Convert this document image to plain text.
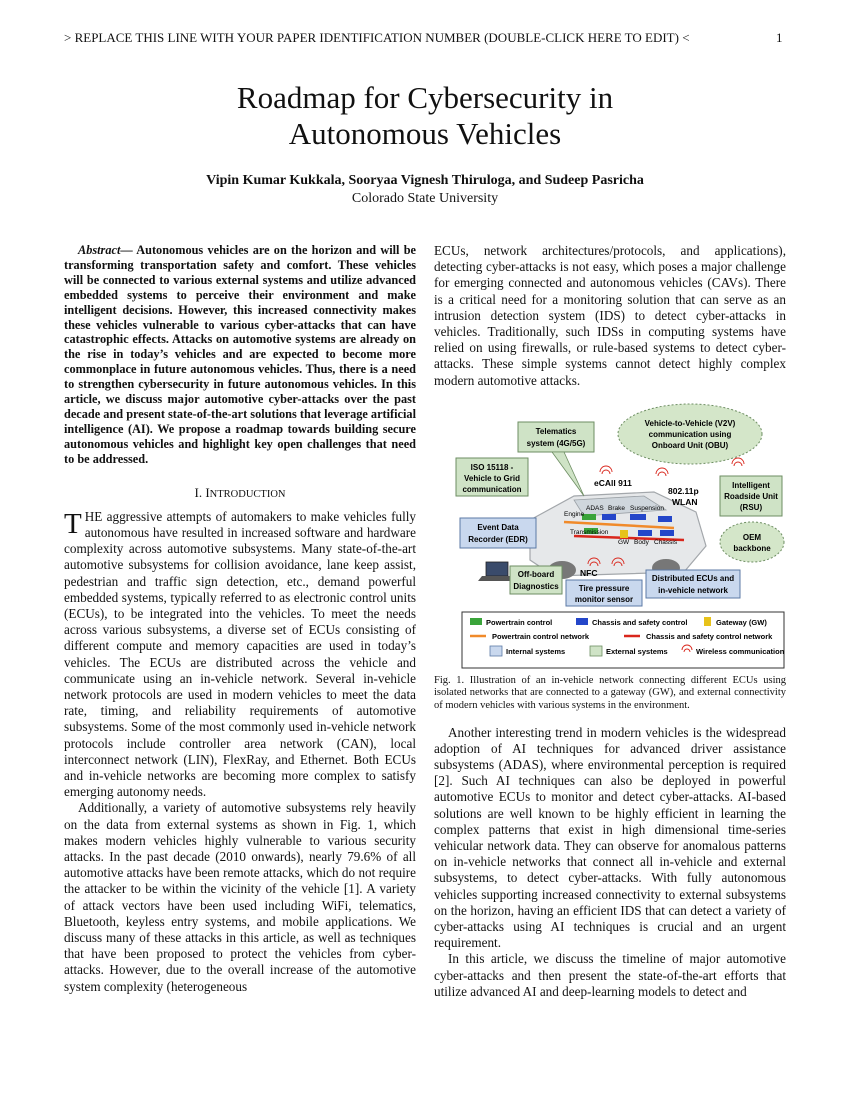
> REPLACE THIS LINE WITH YOUR PAPER IDENTIFICATION NUMBER (DOUBLE-CLICK HERE TO EDIT) <	1
Roadmap for Cybersecurity in
Autonomous Vehicles
Vipin Kumar Kukkala, Sooryaa Vignesh Thiruloga, and Sudeep Pasricha
Colorado State University

Abstract— Autonomous vehicles are on the horizon and will be transforming transportation safety and comfort. These vehicles will be connected to various external systems and utilize advanced embedded systems to perceive their environment and make intelligent decisions. However, this increased connectivity makes these vehicles vulnerable to various cyber-attacks that can have catastrophic effects. Attacks on automotive systems are already on the rise in today’s vehicles and are expected to become more commonplace in future autonomous vehicles. Thus, there is a need to strengthen cybersecurity in future autonomous vehicles. In this article, we discuss major automotive cyber-attacks over the past decade and present state-of-the-art solutions that leverage artificial intelligence (AI). We propose a roadmap towards building secure autonomous vehicles and highlight key open challenges that need to be addressed.

I. INTRODUCTION

THE aggressive attempts of automakers to make vehicles fully autonomous have resulted in increased software and hardware complexity across automotive subsystems. Many state-of-the-art automotive subsystems for collision avoidance, lane keep assist, pedestrian and traffic sign detection, etc., demand powerful embedded systems, typically referred to as electronic control units (ECUs), to be integrated into the vehicles. To meet the needs across various subsystems, a diverse set of ECUs consisting of different compute and memory capacities are used in today’s vehicles. The ECUs are distributed across the vehicle and communicate using an in-vehicle network. Several in-vehicle network protocols are used in modern vehicles to meet the data rate, timing, and reliability requirements of automotive subsystems. Some of the most commonly used in-vehicle network protocols include controller area network (CAN), local interconnect network (LIN), FlexRay, and Ethernet. Both ECUs and in-vehicle networks are becoming more complex to satisfy emerging autonomy needs.

Additionally, a variety of automotive subsystems rely heavily on the data from external systems as shown in Fig. 1, which makes modern vehicles highly vulnerable to various security attacks. In the past decade (2010 onwards), nearly 79.6% of all automotive attacks have been remote attacks, which do not require the attacker to be within the vicinity of the vehicle [1]. A variety of attack vectors have been used including WiFi, telematics, Bluetooth, keyless entry systems, and mobile applications. We discuss many of these attacks in this article, as well as techniques that have been proposed to protect the vehicles from cyber-attacks. However, due to the overall increase of the automotive system complexity (heterogeneous

ECUs, network architectures/protocols, and applications), detecting cyber-attacks is not easy, which poses a major challenge for emerging connected and autonomous vehicles (CAVs). There is a critical need for a monitoring solution that can serve as an intrusion detection system (IDS) to detect cyber-attacks in vehicles. Traditionally, such IDSs in computing systems have relied on using firewalls, or rule-based systems to detect cyber-attacks. These simple systems cannot detect highly complex modern automotive attacks.

Fig. 1. Illustration of an in-vehicle network connecting different ECUs using isolated networks that are connected to a gateway (GW), and external connectivity of modern vehicles with various systems in the environment.

Another interesting trend in modern vehicles is the widespread adoption of AI techniques for advanced driver assistance subsystems (ADAS), where environmental perception is required [2]. Such AI techniques can also be deployed in powerful automotive ECUs to monitor and detect cyber-attacks. AI-based solutions are well known to be highly efficient in learning the complex patterns that exist in high dimensional time-series vehicular network data. They can observe for anomalous patterns on in-vehicle networks that connect all in-vehicle and external subsystems, to detect cyber-attacks. With fully autonomous vehicles supporting increased connectivity to external subsystems on the horizon, having an efficient IDS that can detect a variety of cyber-attacks using AI techniques is crucial and an urgent requirement.

In this article, we discuss the timeline of major automotive cyber-attacks and then present the state-of-the-art efforts that utilize advanced AI and deep-learning models to detect and

Engine
ADAS Brake Suspension
Transmission
GW Body Chassis
Telematics
system (4G/5G)
Vehicle-to-Vehicle (V2V)
communication using
Onboard Unit (OBU)
ISO 15118 -
Vehicle to Grid
communication
eCAll 911
802.11p
WLAN
Intelligent
Roadside Unit
(RSU)
Event Data
Recorder (EDR)	OEM
backbone
Off-board
Diagnostics
NFC
Tire pressure
monitor sensor
Distributed ECUs and
in-vehicle network
Powertrain control	Chassis and safety control	Gateway (GW)
Powertrain control network	Chassis and safety control network
Internal systems	External systems	Wireless communication
